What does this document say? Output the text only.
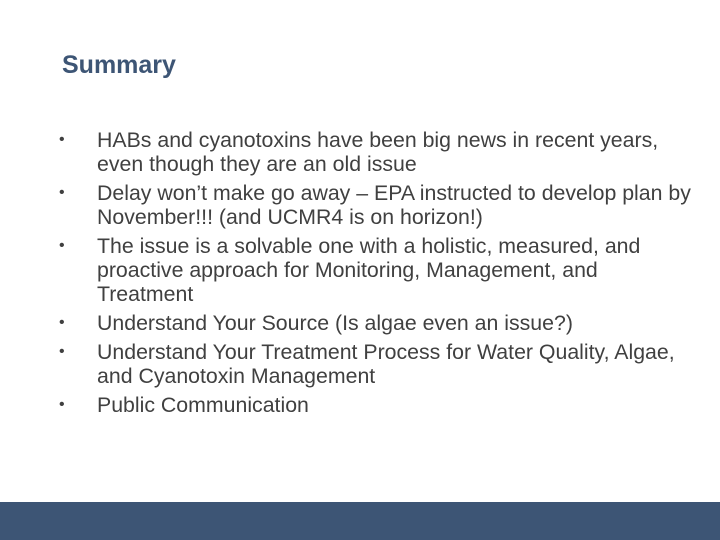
Summary
• HABs and cyanotoxins have been big news in recent years, even though they are an old issue
• Delay won’t make go away – EPA instructed to develop plan by November!!! (and UCMR4 is on horizon!)
• The issue is a solvable one with a holistic, measured, and proactive approach for Monitoring, Management, and Treatment
• Understand Your Source (Is algae even an issue?)
• Understand Your Treatment Process for Water Quality, Algae, and Cyanotoxin Management
• Public Communication
